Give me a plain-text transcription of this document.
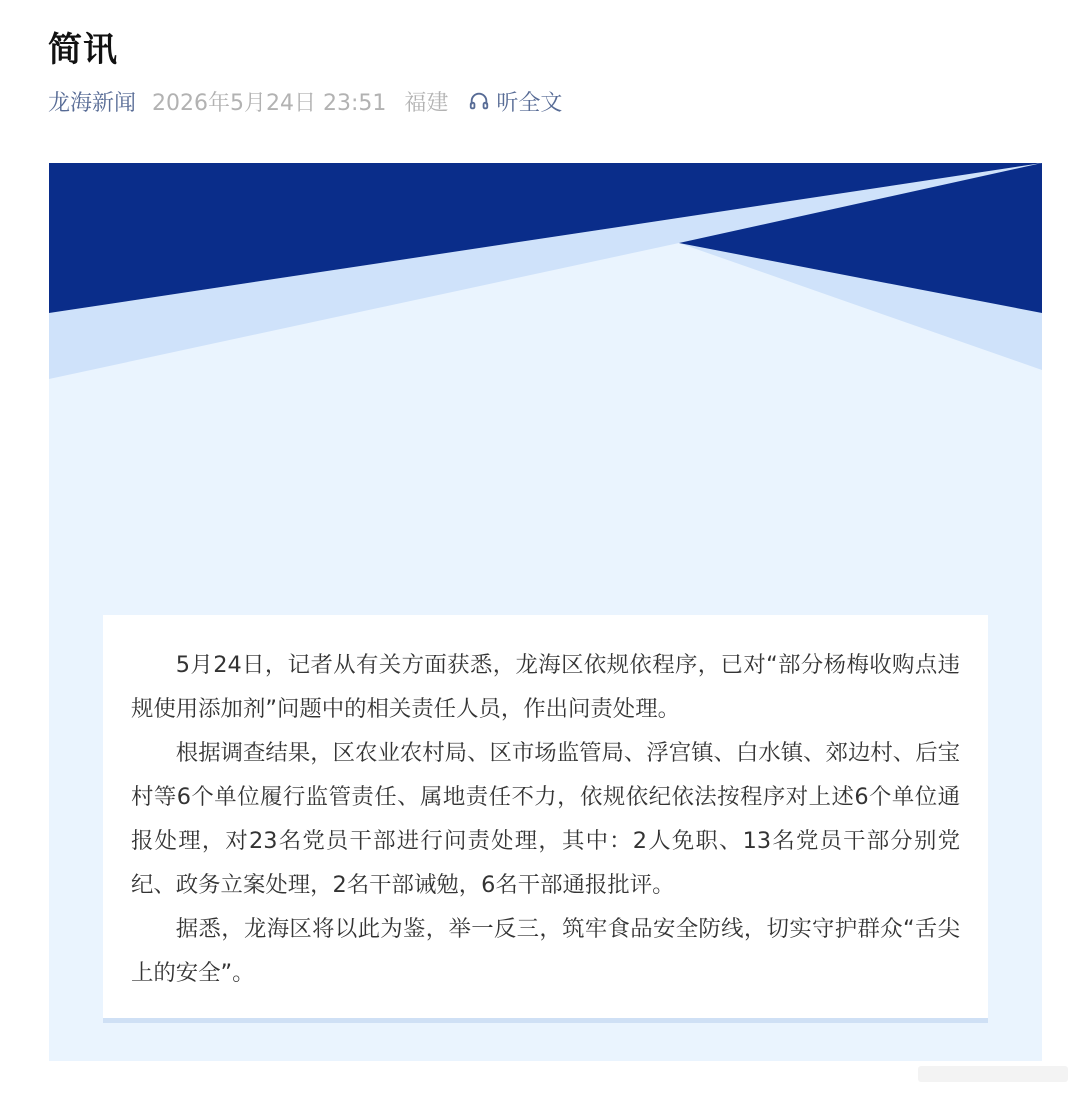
简讯
龙海新闻 2026年5月24日 23:51 福建 听全文

5月24日，记者从有关方面获悉，龙海区依规依程序，已对“部分杨梅收购点违规使用添加剂”问题中的相关责任人员，作出问责处理。

根据调查结果，区农业农村局、区市场监管局、浮宫镇、白水镇、郊边村、后宝村等6个单位履行监管责任、属地责任不力，依规依纪依法按程序对上述6个单位通报处理，对23名党员干部进行问责处理，其中：2人免职、13名党员干部分别党纪、政务立案处理，2名干部诫勉，6名干部通报批评。

据悉，龙海区将以此为鉴，举一反三，筑牢食品安全防线，切实守护群众“舌尖上的安全”。
